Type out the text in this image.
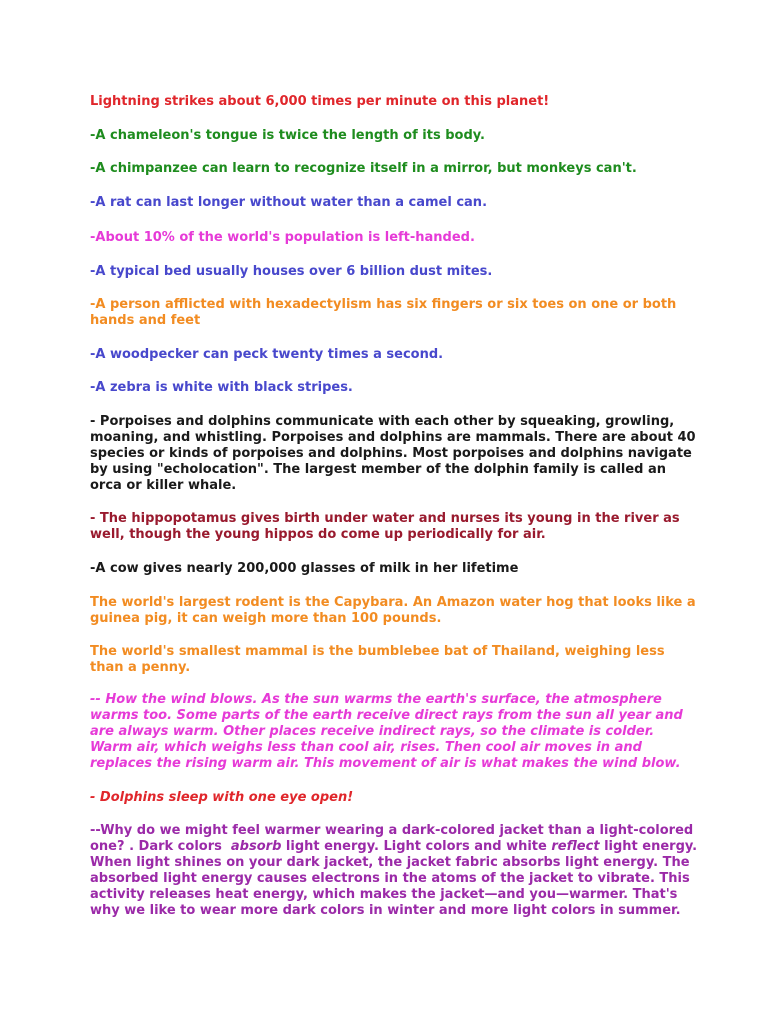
Lightning strikes about 6,000 times per minute on this planet!

-A chameleon's tongue is twice the length of its body.

-A chimpanzee can learn to recognize itself in a mirror, but monkeys can't.

-A rat can last longer without water than a camel can.

-About 10% of the world's population is left-handed.

-A typical bed usually houses over 6 billion dust mites.

-A person afflicted with hexadectylism has six fingers or six toes on one or both
hands and feet

-A woodpecker can peck twenty times a second.

-A zebra is white with black stripes.

- Porpoises and dolphins communicate with each other by squeaking, growling,
moaning, and whistling. Porpoises and dolphins are mammals. There are about 40
species or kinds of porpoises and dolphins. Most porpoises and dolphins navigate
by using "echolocation". The largest member of the dolphin family is called an
orca or killer whale.

- The hippopotamus gives birth under water and nurses its young in the river as
well, though the young hippos do come up periodically for air.

-A cow gives nearly 200,000 glasses of milk in her lifetime

The world's largest rodent is the Capybara. An Amazon water hog that looks like a
guinea pig, it can weigh more than 100 pounds.

The world's smallest mammal is the bumblebee bat of Thailand, weighing less
than a penny.

-- How the wind blows. As the sun warms the earth's surface, the atmosphere
warms too. Some parts of the earth receive direct rays from the sun all year and
are always warm. Other places receive indirect rays, so the climate is colder.
Warm air, which weighs less than cool air, rises. Then cool air moves in and
replaces the rising warm air. This movement of air is what makes the wind blow.

- Dolphins sleep with one eye open!

--Why do we might feel warmer wearing a dark-colored jacket than a light-colored
one? . Dark colors  absorb light energy. Light colors and white reflect light energy.
When light shines on your dark jacket, the jacket fabric absorbs light energy. The
absorbed light energy causes electrons in the atoms of the jacket to vibrate. This
activity releases heat energy, which makes the jacket—and you—warmer. That's
why we like to wear more dark colors in winter and more light colors in summer.
